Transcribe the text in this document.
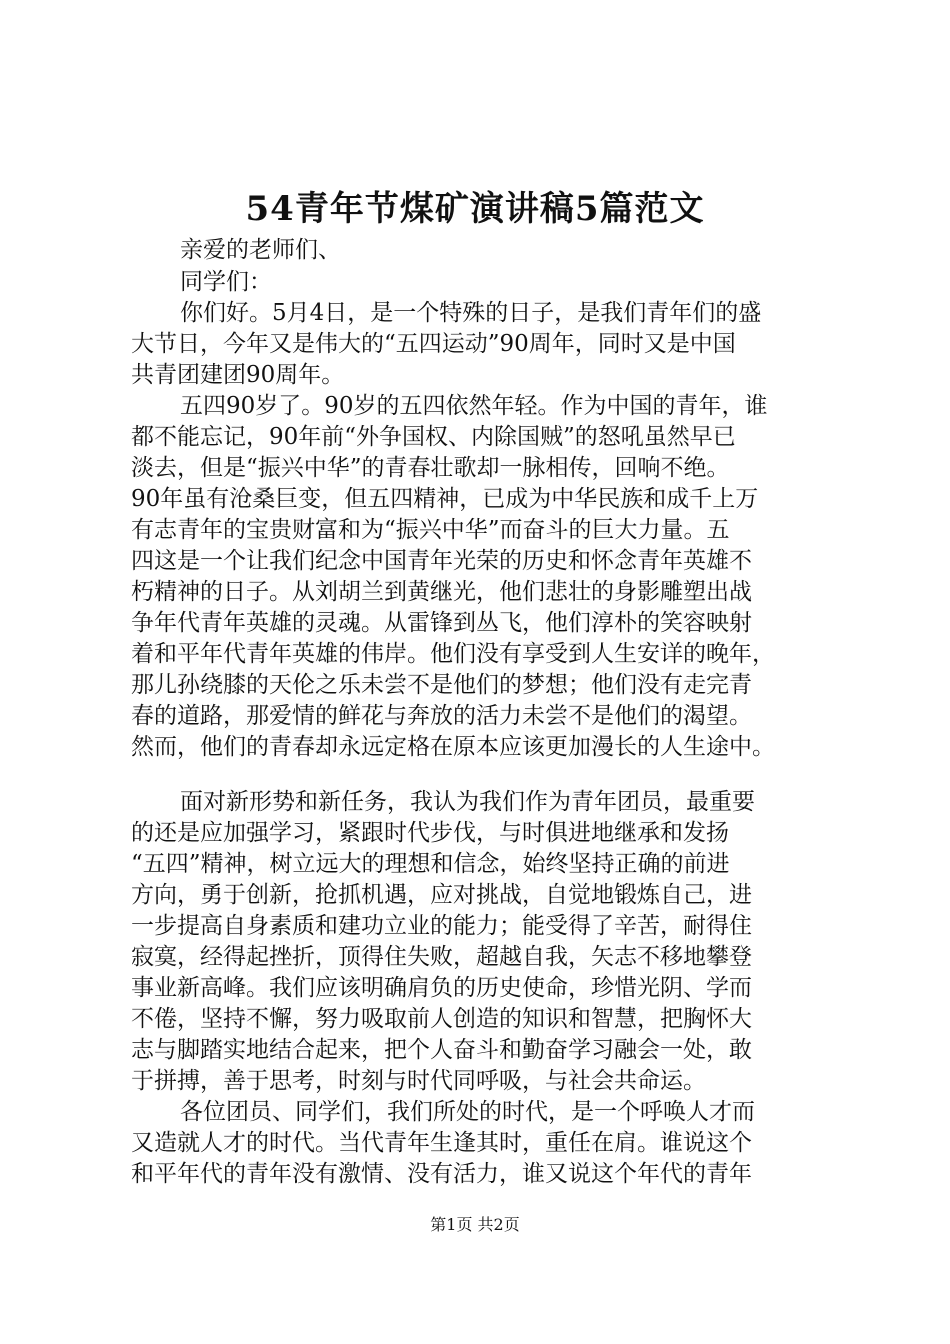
54青年节煤矿演讲稿5篇范文
亲爱的老师们、
同学们：
你们好。5月4日，是一个特殊的日子，是我们青年们的盛
大节日，今年又是伟大的“五四运动”90周年，同时又是中国
共青团建团90周年。
五四90岁了。90岁的五四依然年轻。作为中国的青年，谁
都不能忘记，90年前“外争国权、内除国贼”的怒吼虽然早已
淡去，但是“振兴中华”的青春壮歌却一脉相传，回响不绝。
90年虽有沧桑巨变，但五四精神，已成为中华民族和成千上万
有志青年的宝贵财富和为“振兴中华”而奋斗的巨大力量。五
四这是一个让我们纪念中国青年光荣的历史和怀念青年英雄不
朽精神的日子。从刘胡兰到黄继光，他们悲壮的身影雕塑出战
争年代青年英雄的灵魂。从雷锋到丛飞，他们淳朴的笑容映射
着和平年代青年英雄的伟岸。他们没有享受到人生安详的晚年，
那儿孙绕膝的天伦之乐未尝不是他们的梦想；他们没有走完青
春的道路，那爱情的鲜花与奔放的活力未尝不是他们的渴望。
然而，他们的青春却永远定格在原本应该更加漫长的人生途中。
面对新形势和新任务，我认为我们作为青年团员，最重要
的还是应加强学习，紧跟时代步伐，与时俱进地继承和发扬
“五四”精神，树立远大的理想和信念，始终坚持正确的前进
方向，勇于创新，抢抓机遇，应对挑战，自觉地锻炼自己，进
一步提高自身素质和建功立业的能力；能受得了辛苦，耐得住
寂寞，经得起挫折，顶得住失败，超越自我，矢志不移地攀登
事业新高峰。我们应该明确肩负的历史使命，珍惜光阴、学而
不倦，坚持不懈，努力吸取前人创造的知识和智慧，把胸怀大
志与脚踏实地结合起来，把个人奋斗和勤奋学习融会一处，敢
于拼搏，善于思考，时刻与时代同呼吸，与社会共命运。
各位团员、同学们，我们所处的时代，是一个呼唤人才而
又造就人才的时代。当代青年生逢其时，重任在肩。谁说这个
和平年代的青年没有激情、没有活力，谁又说这个年代的青年
第1页 共2页
